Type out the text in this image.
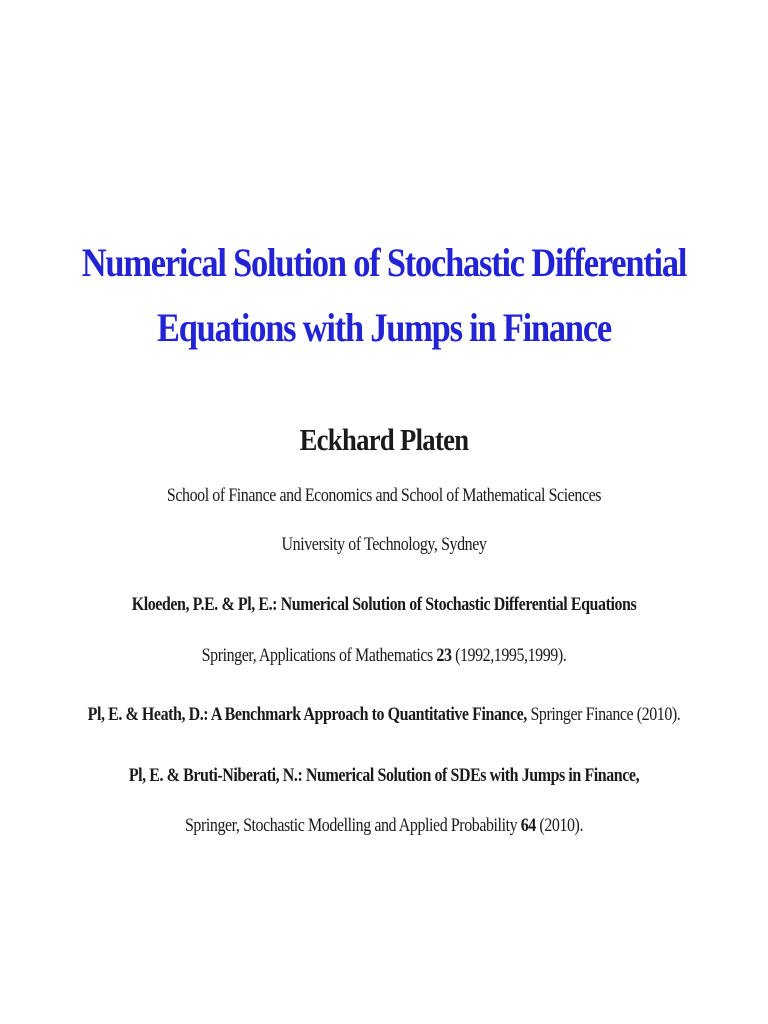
Numerical Solution of Stochastic Differential
Equations with Jumps in Finance
Eckhard Platen
School of Finance and Economics and School of Mathematical Sciences
University of Technology, Sydney
Kloeden, P.E. & Pl, E.: Numerical Solution of Stochastic Differential Equations
Springer, Applications of Mathematics 23 (1992,1995,1999).
Pl, E. & Heath, D.: A Benchmark Approach to Quantitative Finance, Springer Finance (2010).
Pl, E. & Bruti-Niberati, N.: Numerical Solution of SDEs with Jumps in Finance,
Springer, Stochastic Modelling and Applied Probability 64 (2010).
